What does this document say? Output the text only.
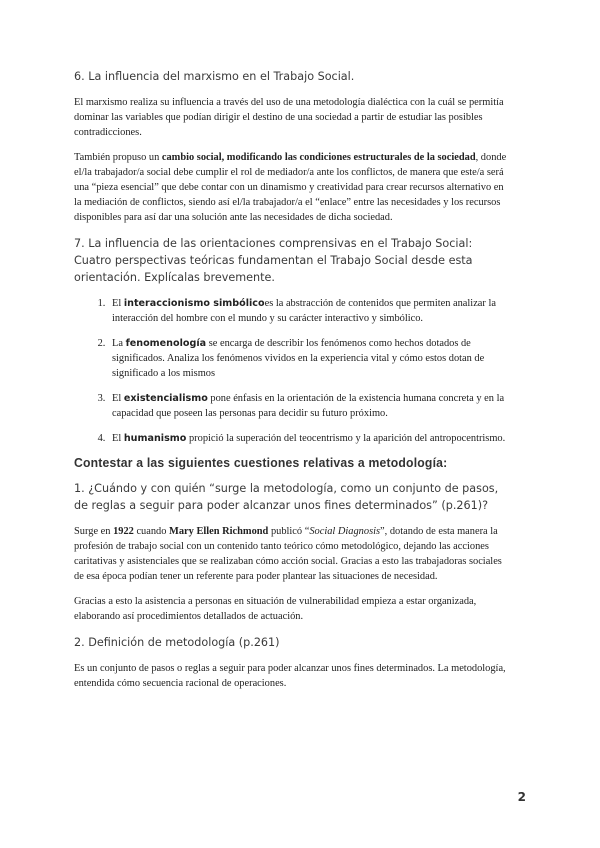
6. La influencia del marxismo en el Trabajo Social.

El marxismo realiza su influencia a través del uso de una metodología dialéctica con la cuál se permitía dominar las variables que podían dirigir el destino de una sociedad a partir de estudiar las posibles contradicciones.

También propuso un cambio social, modificando las condiciones estructurales de la sociedad, donde el/la trabajador/a social debe cumplir el rol de mediador/a ante los conflictos, de manera que este/a será una “pieza esencial” que debe contar con un dinamismo y creatividad para crear recursos alternativo en la mediación de conflictos, siendo así el/la trabajador/a el “enlace” entre las necesidades y los recursos disponibles para así dar una solución ante las necesidades de dicha sociedad.

7. La influencia de las orientaciones comprensivas en el Trabajo Social: Cuatro perspectivas teóricas fundamentan el Trabajo Social desde esta orientación. Explícalas brevemente.
1. El interaccionismo simbólicoes la abstracción de contenidos que permiten analizar la interacción del hombre con el mundo y su carácter interactivo y simbólico.
2. La fenomenología se encarga de describir los fenómenos como hechos dotados de significados. Analiza los fenómenos vividos en la experiencia vital y cómo estos dotan de significado a los mismos
3. El existencialismo pone énfasis en la orientación de la existencia humana concreta y en la capacidad que poseen las personas para decidir su futuro próximo.
4. El humanismo propició la superación del teocentrismo y la aparición del antropocentrismo.
Contestar a las siguientes cuestiones relativas a metodología:
1. ¿Cuándo y con quién “surge la metodología, como un conjunto de pasos, de reglas a seguir para poder alcanzar unos fines determinados” (p.261)?

Surge en 1922 cuando Mary Ellen Richmond publicó “Social Diagnosis”, dotando de esta manera la profesión de trabajo social con un contenido tanto teórico cómo metodológico, dejando las acciones caritativas y asistenciales que se realizaban cómo acción social. Gracias a esto las trabajadoras sociales de esa época podían tener un referente para poder plantear las situaciones de necesidad.

Gracias a esto la asistencia a personas en situación de vulnerabilidad empieza a estar organizada, elaborando así procedimientos detallados de actuación.

2. Definición de metodología (p.261)

Es un conjunto de pasos o reglas a seguir para poder alcanzar unos fines determinados. La metodología, entendida cómo secuencia racional de operaciones.

2
